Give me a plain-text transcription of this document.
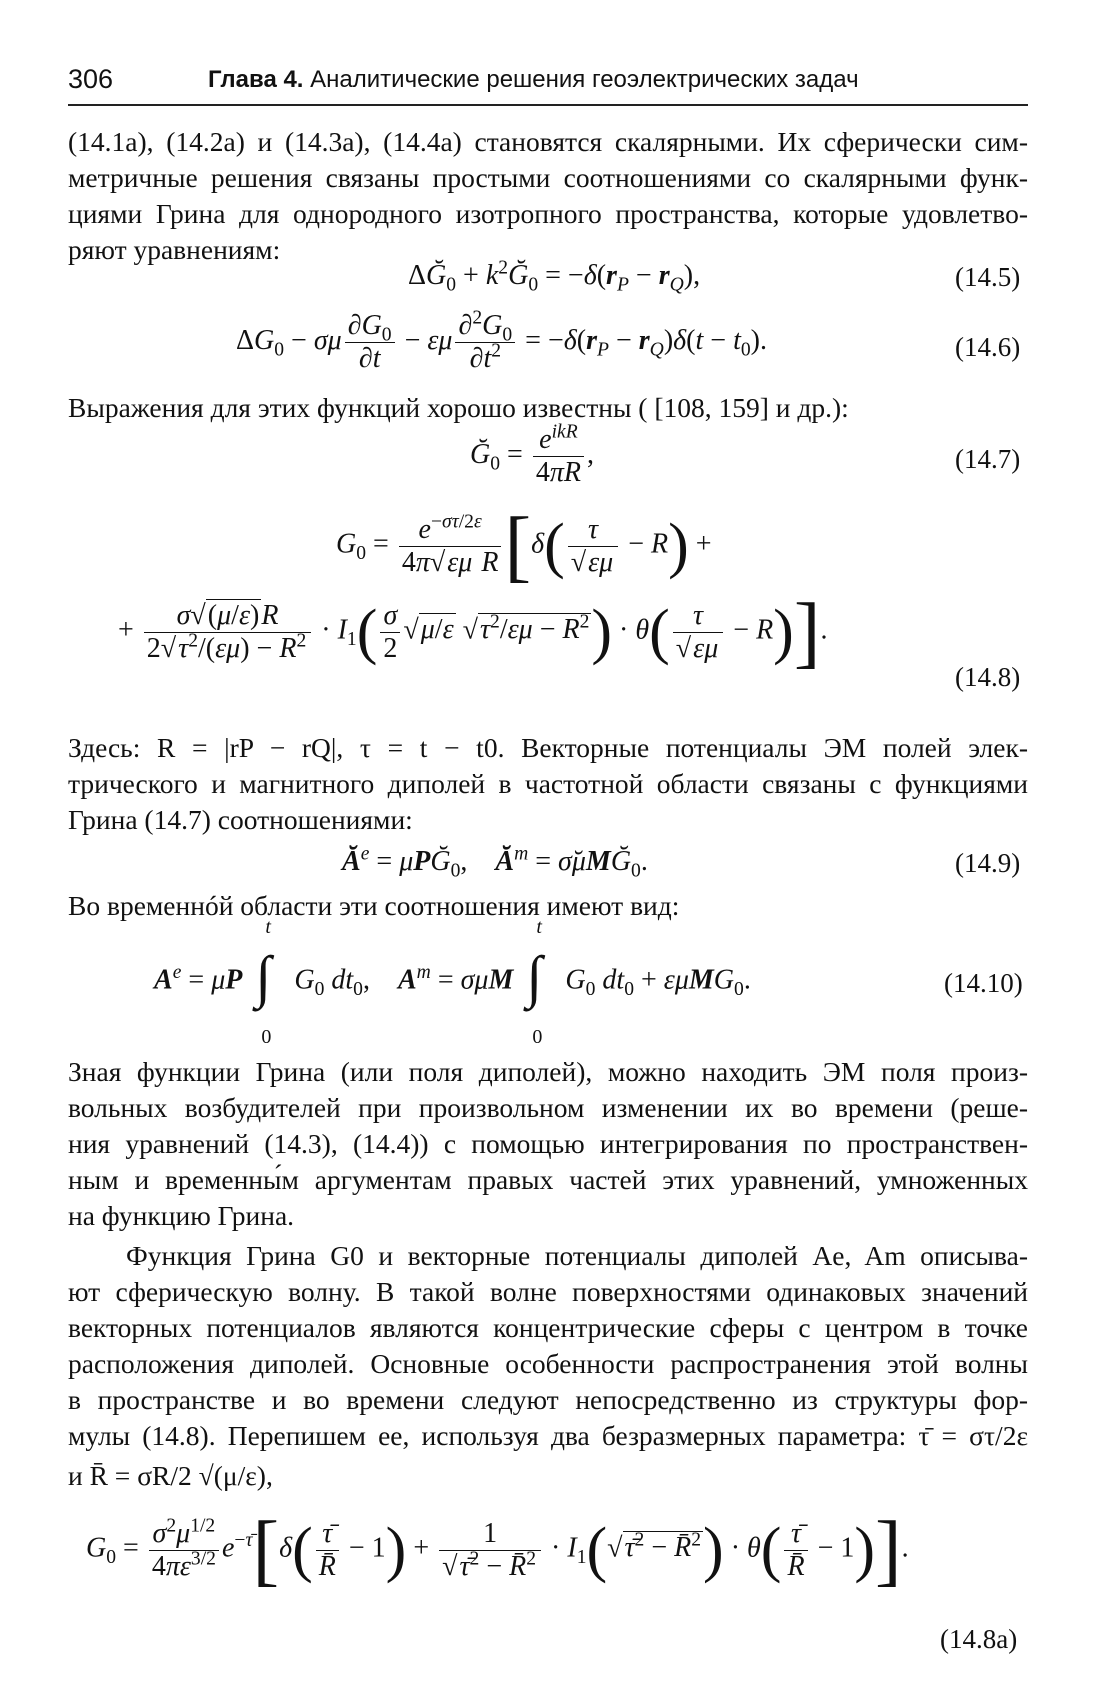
306	Глава 4. Аналитические решения геоэлектрических задач
(14.1а), (14.2а) и (14.3а), (14.4а) становятся скалярными. Их сферически сим-
метричные решения связаны простыми соотношениями со скалярными функ-
циями Грина для однородного изотропного пространства, которые удовлетво-
ряют уравнениям:
$\Delta Ğ_0$ + $k^2Ğ_0 = -\delta(r_P - r_Q)$,	(14.5)
$\Delta G_0 - \sigma\mu \frac{\partial G_0}{\partial t} - \varepsilon\mu \frac{\partial^2G_0}{\partial t^2} = -\delta(r_P - r_Q)\delta(t - t_0)$.	(14.6)
Выражения для этих функций хорошо известны ( [108, 159] и др.):
$Ğ_0 = \frac{e^{ikR}}{4\pi R}$ ,	(14.7)
$G_0 = \frac{e^{-\sigma\tau/2\varepsilon}}{\text{4π√εμ R}} [\delta( \frac{\tau}{√\varepsilon\mu} - R)$ +
+ $\frac{\sigma√(\mu/\varepsilon)R}{2√\tau^2/(\varepsilon\mu) - R^2} \cdot I_1( \frac{\sigma}{2} √\mu/\varepsilon$ $√\tau^2/\varepsilon\mu - R^2) \cdot \theta( \frac{\tau}{√\varepsilon\mu} - R)$].
(14.8)
Здесь: R = |rP − rQ|, τ = t − t0. Векторные потенциалы ЭМ полей элек-
трического и магнитного диполей в частотной области связаны с функциями
Грина (14.7) соотношениями:
$Ă^e$ = μPĞ$_0$,    $Ă^m$ = σ̆μMĞ$_0$.	(14.9)
Во временнóй области эти соотношения имеют вид:
$A^e = \mu P$
t
∫
0
$G_0$ $dt_0$,    $A^m = \sigma\mu M$
t
∫
0
$G_0$ $dt_0 + \varepsilon\mu MG_0$.	(14.10)
Зная функции Грина (или поля диполей), можно находить ЭМ поля произ-
вольных возбудителей при произвольном изменении их во времени (реше-
ния уравнений (14.3), (14.4)) с помощью интегрирования по пространствен-
ным и временны́м аргументам правых частей этих уравнений, умноженных
на функцию Грина.
Функция Грина G0 и векторные потенциалы диполей Ae, Am описыва-
ют сферическую волну. В такой волне поверхностями одинаковых значений
векторных потенциалов являются концентрические сферы с центром в точке
расположения диполей. Основные особенности распространения этой волны
в пространстве и во времени следуют непосредственно из структуры фор-
мулы (14.8). Перепишем ее, используя два безразмерных параметра: τ̄ = στ/2ε
и R̄ = σR/2 √(μ/ε),
$G_0 = \frac{\sigma^2\mu^{1/2}}{4\pi\varepsilon^{3/2}} e^{-\taū}[\delta( \frac{\taū}{R̄} - 1) + \frac{1}{√\taū^2 - R̄^2}$ · $I_1(√\taū^2$ − R̄$^2$) · $\theta( \frac{\taū}{R̄} - 1)$].
(14.8а)
